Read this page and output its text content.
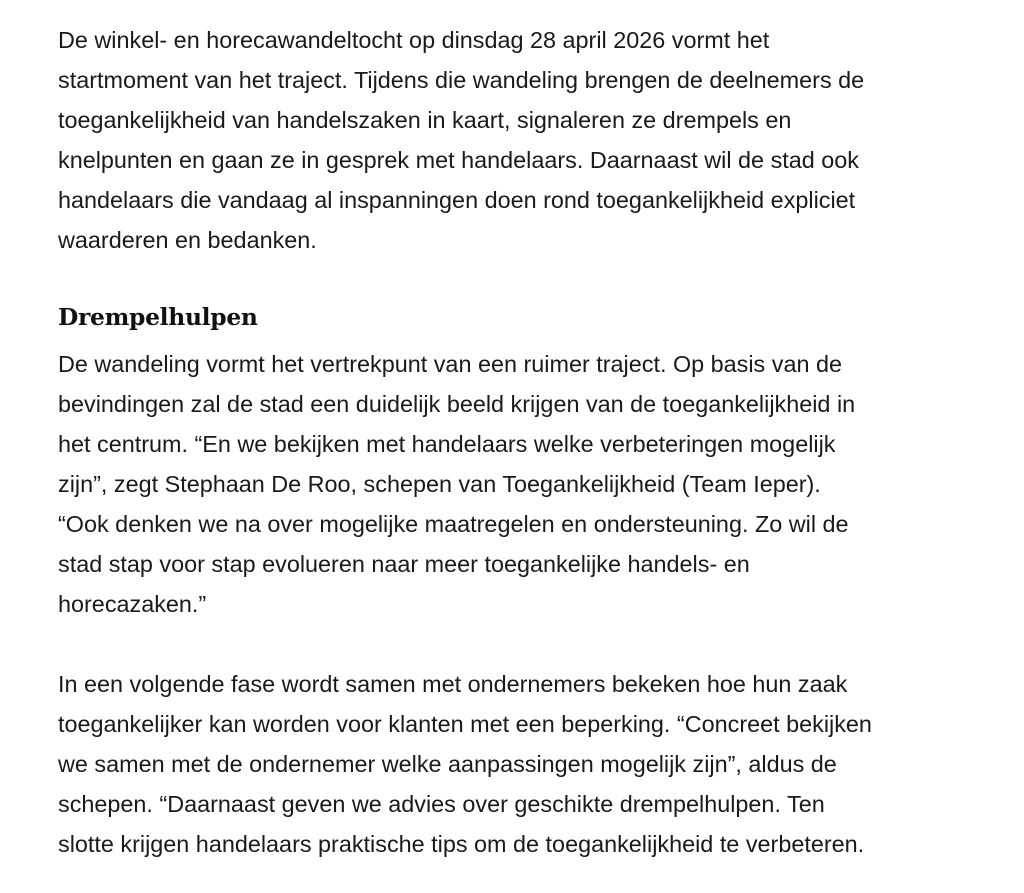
De winkel- en horecawandeltocht op dinsdag 28 april 2026 vormt het
startmoment van het traject. Tijdens die wandeling brengen de deelnemers de
toegankelijkheid van handelszaken in kaart, signaleren ze drempels en
knelpunten en gaan ze in gesprek met handelaars. Daarnaast wil de stad ook
handelaars die vandaag al inspanningen doen rond toegankelijkheid expliciet
waarderen en bedanken.

Drempelhulpen

De wandeling vormt het vertrekpunt van een ruimer traject. Op basis van de
bevindingen zal de stad een duidelijk beeld krijgen van de toegankelijkheid in
het centrum. “En we bekijken met handelaars welke verbeteringen mogelijk
zijn”, zegt Stephaan De Roo, schepen van Toegankelijkheid (Team Ieper).
“Ook denken we na over mogelijke maatregelen en ondersteuning. Zo wil de
stad stap voor stap evolueren naar meer toegankelijke handels- en
horecazaken.”

In een volgende fase wordt samen met ondernemers bekeken hoe hun zaak
toegankelijker kan worden voor klanten met een beperking. “Concreet bekijken
we samen met de ondernemer welke aanpassingen mogelijk zijn”, aldus de
schepen. “Daarnaast geven we advies over geschikte drempelhulpen. Ten
slotte krijgen handelaars praktische tips om de toegankelijkheid te verbeteren.
